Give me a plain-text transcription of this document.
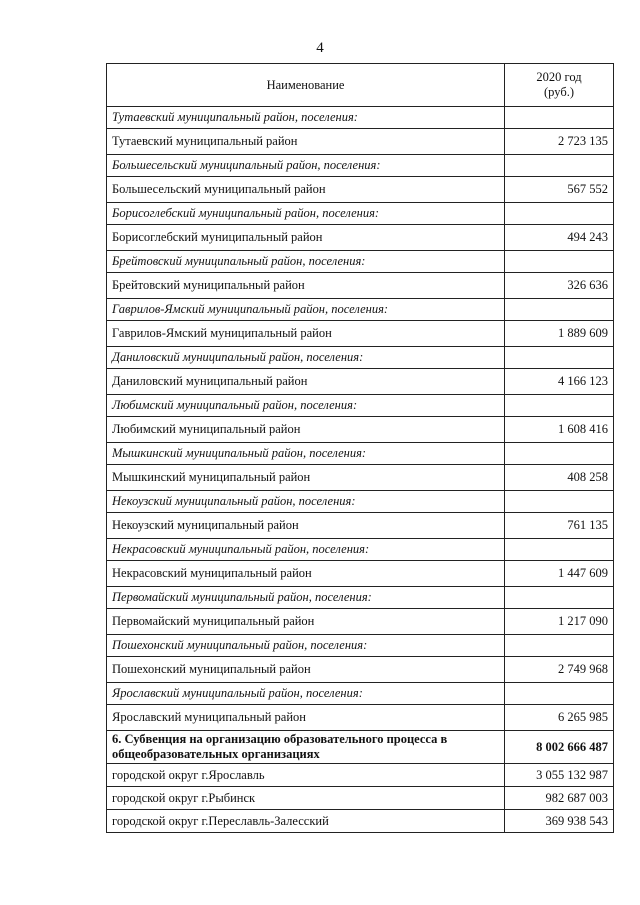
4
Наименование	2020 год
(руб.)

Тутаевский муниципальный район, поселения:	
Тутаевский муниципальный район	2 723 135
Большесельский муниципальный район, поселения:	
Большесельский муниципальный район	567 552
Борисоглебский муниципальный район, поселения:	
Борисоглебский муниципальный район	494 243
Брейтовский муниципальный район, поселения:	
Брейтовский муниципальный район	326 636
Гаврилов-Ямский муниципальный район, поселения:	
Гаврилов-Ямский муниципальный район	1 889 609
Даниловский муниципальный район, поселения:	
Даниловский муниципальный район	4 166 123
Любимский муниципальный район, поселения:	
Любимский муниципальный район	1 608 416
Мышкинский муниципальный район, поселения:	
Мышкинский муниципальный район	408 258
Некоузский муниципальный район, поселения:	
Некоузский муниципальный район	761 135
Некрасовский муниципальный район, поселения:	
Некрасовский муниципальный район	1 447 609
Первомайский муниципальный район, поселения:	
Первомайский муниципальный район	1 217 090
Пошехонский муниципальный район, поселения:	
Пошехонский муниципальный район	2 749 968
Ярославский муниципальный район, поселения:	
Ярославский муниципальный район	6 265 985
6. Субвенция на организацию образовательного процесса в общеобразовательных организациях	8 002 666 487
городской округ г.Ярославль	3 055 132 987
городской округ г.Рыбинск	982 687 003
городской округ г.Переславль-Залесский	369 938 543
